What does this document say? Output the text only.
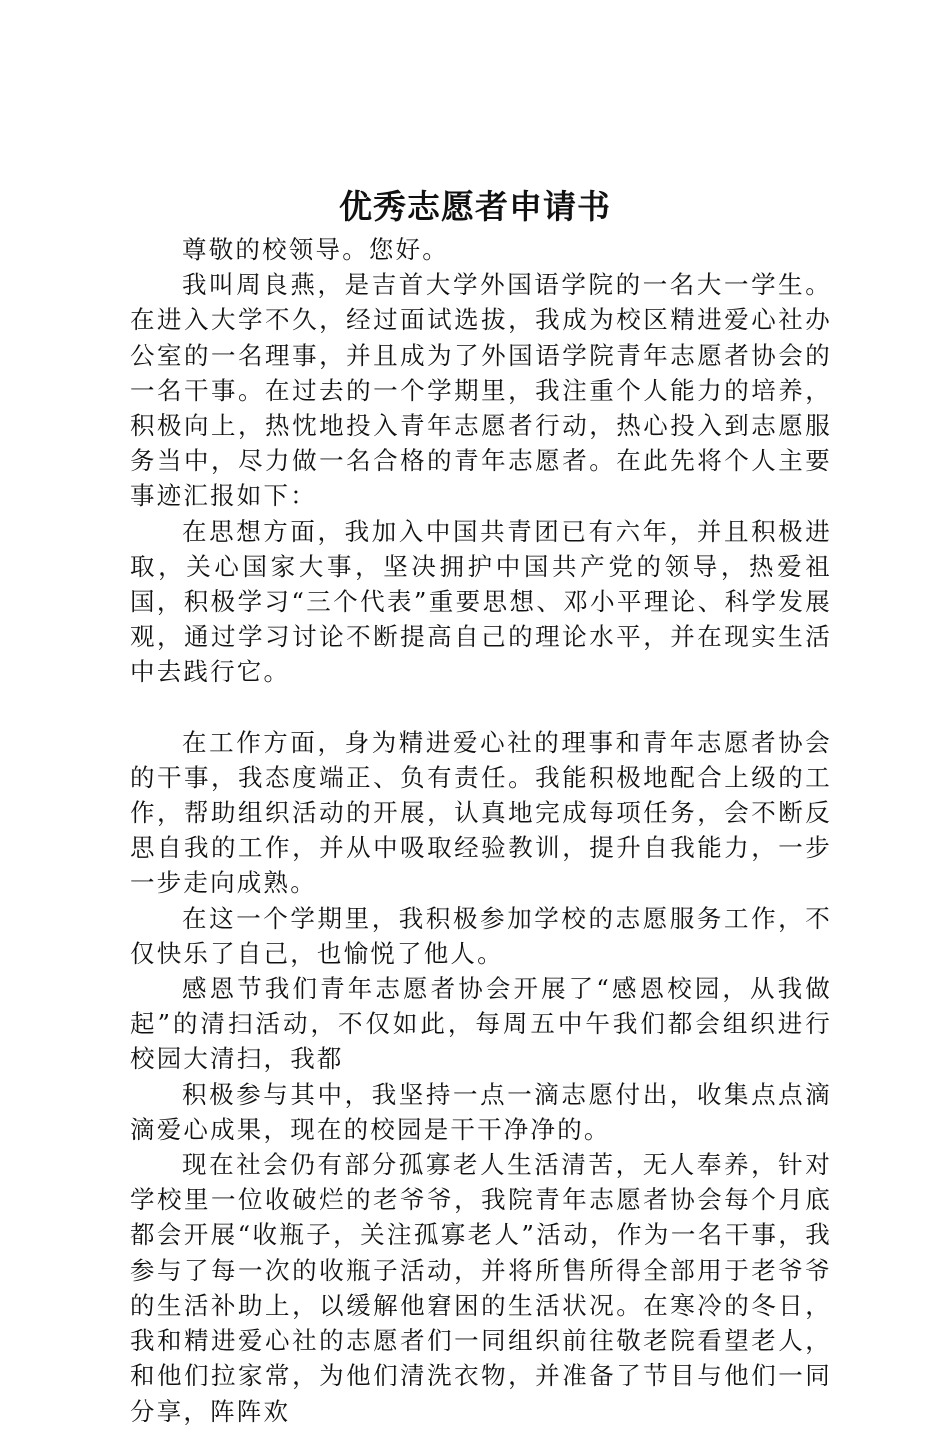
优秀志愿者申请书

尊敬的校领导。您好。

我叫周良燕，是吉首大学外国语学院的一名大一学生。在进入大学不久，经过面试选拔，我成为校区精进爱心社办公室的一名理事，并且成为了外国语学院青年志愿者协会的一名干事。在过去的一个学期里，我注重个人能力的培养，积极向上，热忱地投入青年志愿者行动，热心投入到志愿服务当中，尽力做一名合格的青年志愿者。在此先将个人主要事迹汇报如下：

在思想方面，我加入中国共青团已有六年，并且积极进取，关心国家大事，坚决拥护中国共产党的领导，热爱祖国，积极学习“三个代表”重要思想、邓小平理论、科学发展观，通过学习讨论不断提高自己的理论水平，并在现实生活中去践行它。

在工作方面，身为精进爱心社的理事和青年志愿者协会的干事，我态度端正、负有责任。我能积极地配合上级的工作，帮助组织活动的开展，认真地完成每项任务，会不断反思自我的工作，并从中吸取经验教训，提升自我能力，一步一步走向成熟。

在这一个学期里，我积极参加学校的志愿服务工作，不仅快乐了自己，也愉悦了他人。

感恩节我们青年志愿者协会开展了“感恩校园，从我做起”的清扫活动，不仅如此，每周五中午我们都会组织进行校园大清扫，我都

积极参与其中，我坚持一点一滴志愿付出，收集点点滴滴爱心成果，现在的校园是干干净净的。

现在社会仍有部分孤寡老人生活清苦，无人奉养，针对学校里一位收破烂的老爷爷，我院青年志愿者协会每个月底都会开展“收瓶子，关注孤寡老人”活动，作为一名干事，我参与了每一次的收瓶子活动，并将所售所得全部用于老爷爷的生活补助上，以缓解他窘困的生活状况。在寒冷的冬日，我和精进爱心社的志愿者们一同组织前往敬老院看望老人，和他们拉家常，为他们清洗衣物，并准备了节目与他们一同分享，阵阵欢
